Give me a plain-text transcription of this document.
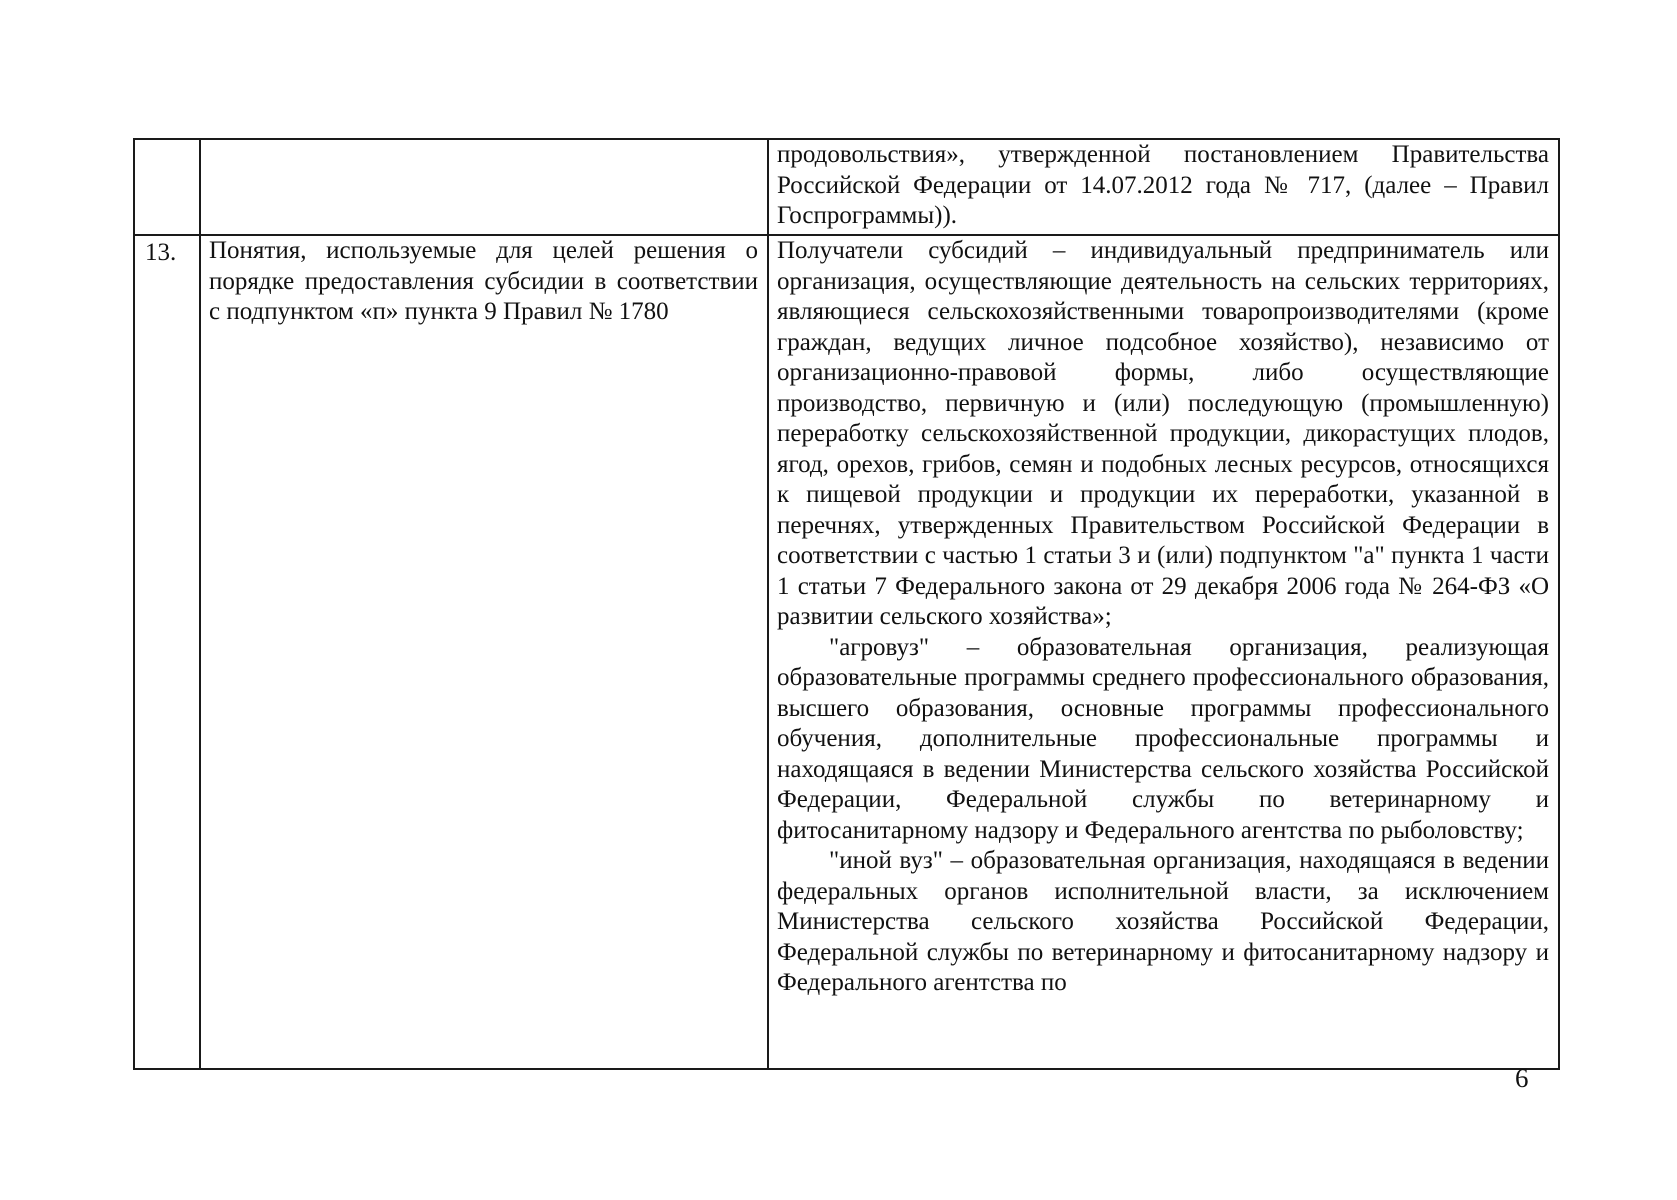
		продовольствия», утвержденной постановлением Правительства Российской Федерации от 14.07.2012 года № 717, (далее – Правил Госпрограммы)).

13.	Понятия, используемые для целей решения о порядке предоставления субсидии в соответствии с подпунктом «п» пункта 9 Правил № 1780	Получатели субсидий – индивидуальный предприниматель или организация, осуществляющие деятельность на сельских территориях, являющиеся сельскохозяйственными товаропроизводителями (кроме граждан, ведущих личное подсобное хозяйство), независимо от организационно-правовой формы, либо осуществляющие производство, первичную и (или) последующую (промышленную) переработку сельскохозяйственной продукции, дикорастущих плодов, ягод, орехов, грибов, семян и подобных лесных ресурсов, относящихся к пищевой продукции и продукции их переработки, указанной в перечнях, утвержденных Правительством Российской Федерации в соответствии с частью 1 статьи 3 и (или) подпунктом "а" пункта 1 части 1 статьи 7 Федерального закона от 29 декабря 2006 года № 264-ФЗ «О развитии сельского хозяйства»;

"агровуз" – образовательная организация, реализующая образовательные программы среднего профессионального образования, высшего образования, основные программы профессионального обучения, дополнительные профессиональные программы и находящаяся в ведении Министерства сельского хозяйства Российской Федерации, Федеральной службы по ветеринарному и фитосанитарному надзору и Федерального агентства по рыболовству;

"иной вуз" – образовательная организация, находящаяся в ведении федеральных органов исполнительной власти, за исключением Министерства сельского хозяйства Российской Федерации, Федеральной службы по ветеринарному и фитосанитарному надзору и Федерального агентства по

6
